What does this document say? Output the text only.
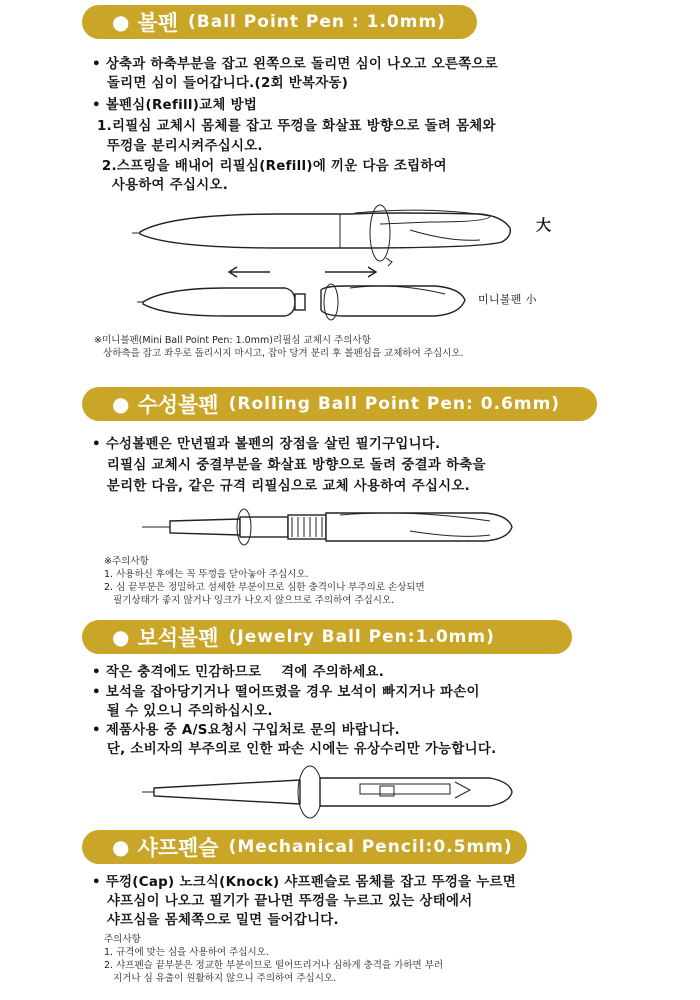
● 볼펜 (Ball Point Pen : 1.0mm)
• 상축과 하축부분을 잡고 왼쪽으로 돌리면 심이 나오고 오른쪽으로
돌리면 심이 들어갑니다.(2회 반복자동)
• 볼펜심(Refill)교체 방법
1.리필심 교체시 몸체를 잡고 뚜껑을 화살표 방향으로 돌려 몸체와
뚜껑을 분리시켜주십시오.
2.스프링을 배내어 리필심(Refill)에 끼운 다음 조립하여
사용하여 주십시오.
大
미니볼펜 小
※미니볼펜(Mini Ball Point Pen: 1.0mm)리필심 교체시 주의사항
상하축을 잡고 좌우로 돌리시지 마시고, 잡아 당겨 분리 후 볼펜심을 교체하여 주십시오.
● 수성볼펜 (Rolling Ball Point Pen: 0.6mm)
• 수성볼펜은 만년필과 볼펜의 장점을 살린 필기구입니다.
리필심 교체시 중결부분을 화살표 방향으로 돌려 중결과 하축을
분리한 다음, 같은 규격 리필심으로 교체 사용하여 주십시오.
※주의사항
1. 사용하신 후에는 꼭 뚜껑을 닫아놓아 주십시오.
2. 심 끝부분은 정밀하고 섬세한 부분이므로 심한 충격이나 부주의로 손상되면
필기상태가 좋지 않거나 잉크가 나오지 않으므로 주의하여 주십시오.
● 보석볼펜 (Jewelry Ball Pen:1.0mm)
• 작은 충격에도 민감하므로    격에 주의하세요.
• 보석을 잡아당기거나 떨어뜨렸을 경우 보석이 빠지거나 파손이
될 수 있으니 주의하십시오.
• 제품사용 중 A/S요청시 구입처로 문의 바랍니다.
단, 소비자의 부주의로 인한 파손 시에는 유상수리만 가능합니다.
● 샤프펜슬 (Mechanical Pencil:0.5mm)
• 뚜껑(Cap) 노크식(Knock) 샤프펜슬로 몸체를 잡고 뚜껑을 누르면
샤프심이 나오고 필기가 끝나면 뚜껑을 누르고 있는 상태에서
샤프심을 몸체쪽으로 밀면 들어갑니다.
주의사항
1. 규격에 맞는 심을 사용하여 주십시오.
2. 샤프펜슬 끝부분은 정교한 부분이므로 떨어뜨리거나 심하게 충격을 가하면 부러
지거나 심 유출이 원활하지 않으니 주의하여 주십시오.
